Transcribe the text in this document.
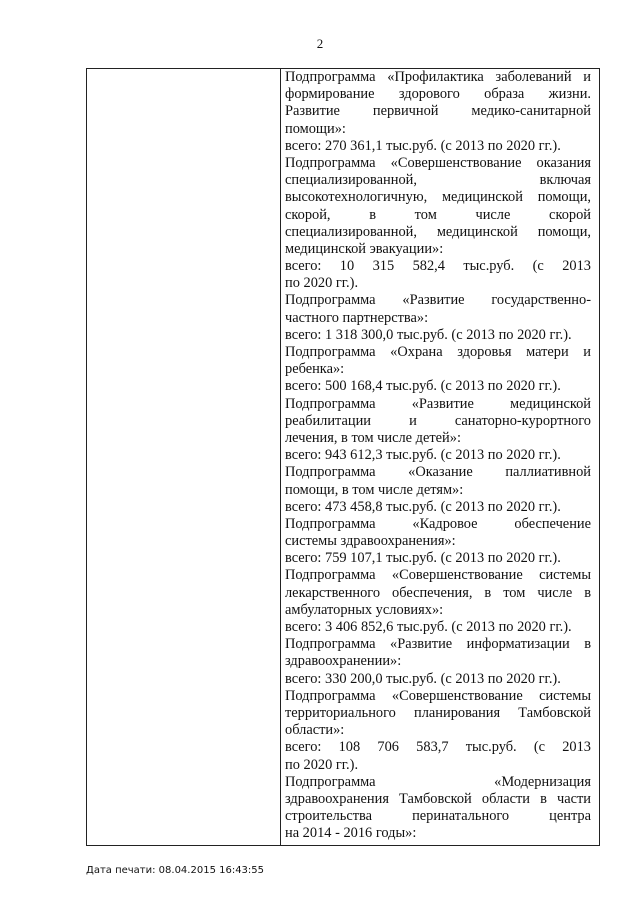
2
Подпрограмма «Профилактика заболеваний и
формирование здорового образа жизни.
Развитие первичной медико-санитарной
помощи»:
всего: 270 361,1 тыс.руб. (с 2013 по 2020 гг.).
Подпрограмма «Совершенствование оказания
специализированной, включая
высокотехнологичную, медицинской помощи,
скорой, в том числе скорой
специализированной, медицинской помощи,
медицинской эвакуации»:
всего: 10 315 582,4 тыс.руб. (с 2013
по 2020 гг.).
Подпрограмма «Развитие государственно-
частного партнерства»:
всего: 1 318 300,0 тыс.руб. (с 2013 по 2020 гг.).
Подпрограмма «Охрана здоровья матери и
ребенка»:
всего: 500 168,4 тыс.руб. (с 2013 по 2020 гг.).
Подпрограмма «Развитие медицинской
реабилитации и санаторно-курортного
лечения, в том числе детей»:
всего: 943 612,3 тыс.руб. (с 2013 по 2020 гг.).
Подпрограмма «Оказание паллиативной
помощи, в том числе детям»:
всего: 473 458,8 тыс.руб. (с 2013 по 2020 гг.).
Подпрограмма «Кадровое обеспечение
системы здравоохранения»:
всего: 759 107,1 тыс.руб. (с 2013 по 2020 гг.).
Подпрограмма «Совершенствование системы
лекарственного обеспечения, в том числе в
амбулаторных условиях»:
всего: 3 406 852,6 тыс.руб. (с 2013 по 2020 гг.).
Подпрограмма «Развитие информатизации в
здравоохранении»:
всего: 330 200,0 тыс.руб. (с 2013 по 2020 гг.).
Подпрограмма «Совершенствование системы
территориального планирования Тамбовской
области»:
всего: 108 706 583,7 тыс.руб. (с 2013
по 2020 гг.).
Подпрограмма «Модернизация
здравоохранения Тамбовской области в части
строительства перинатального центра
на 2014 - 2016 годы»:
Дата печати: 08.04.2015 16:43:55
